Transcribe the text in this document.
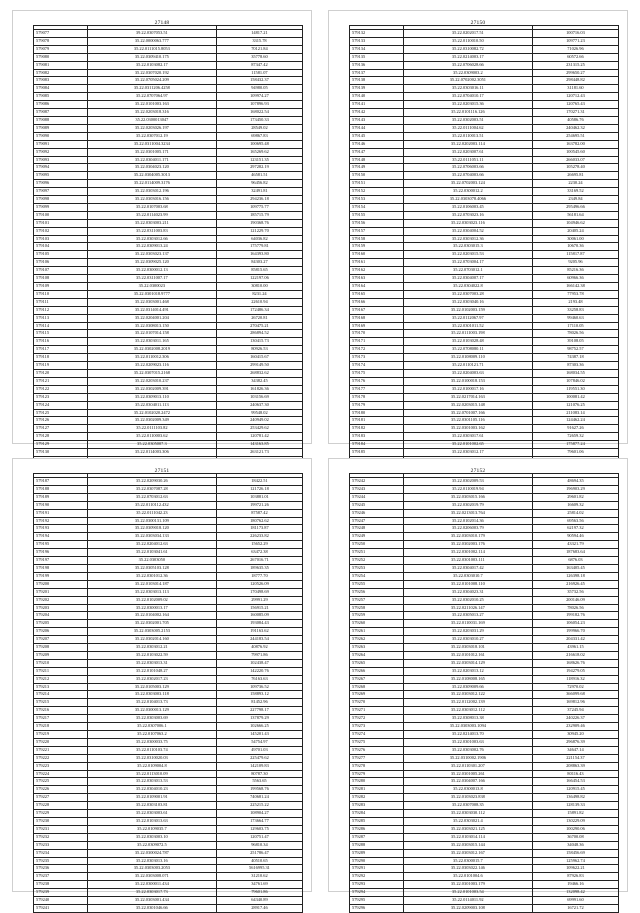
27148

579077	39.22.0307053.51	14817.21
579078	35.22.0000063.777	3315.78
579079	35.22.0111015.8053	70121.84
579080	35.22.0309410.175	35778.60
579081	35.22.0103082.17	87347.42
579082	35.22.0307020.192	11581.07
579083	35.22.0705024.209	158432.37
579084	35.22.0311206.4258	94980.05
579085	35.22.0707064.97	109974.27
579086	35.22.0101003.163	107896.93
579087	35.22.0203018.316	168022.54
579088	35.22.0300013047	173450.33
579089	35.22.0203026.197	28549.02
579090	35.22.0307012.19	69867.83
579091	35.22.0311004.3234	100695.48
579092	35.22.0301005.171	165269.62
579093	35.22.0304011.171	123151.35
579094	35.22.0304023.120	297282.19
579095	35.22.0304005.3013	46581.51
579096	35.22.0114009.3176	96456.82
579097	35.22.0303012.196	32491.81
579098	35.22.0303016.156	294236.18
579099	35.22.0107003.68	109775.77
579100	35.22.0114023.99	185715.79
579101	35.22.0303003.211	190368.76
579102	35.22.0311003.83	121229.70
579103	35.22.0303012.66	64036.82
579104	35.22.0309013.24	175779.81
579105	35.22.0303023.137	164393.80
579106	35.22.0309025.120	84303.27
579107	35.22.0300012.13	85815.65
579108	35.22.0311007.17	122197.06
579109	35.22.0300023	30810.00
579110	35.22.0301018.9777	8231.24
579111	35.22.0303001.468	22610.94
579112	35.22.0314014.491	172486.34
579113	35.22.0204001.204	26720.81
579114	35.22.0308013.150	270475.21
579115	35.22.0107014.158	286894.52
579116	35.22.0303011.165	130415.73
579117	35.22.0302008.2019	80926.53
579118	35.22.0110012.306	160415.67
579119	35.22.0209023.116	299149.50
579120	35.22.0307015.2168	268832.62
579121	35.22.0203010.237	34382.45
579122	35.22.0302009.391	161826.36
579123	35.22.0309013.110	103156.69
579124	35.22.0304011.113	240637.30
579125	35.22.0102020.2472	99548.02
579126	35.22.0302009.349	240949.02
579127	35.22.0111103.82	253429.62
579128	35.22.0110003.62	120781.42
579129	35.22.0305007.3	143163.85
579130	35.22.0114003.306	263121.73

27150

579132	35.22.0202017.51	100716.03
579133	35.22.0110010.50	109771.23
579134	35.22.0310082.72	71026.96
579135	35.22.0214003.17	60572.66
579136	35.22.0706028.66	231315.25
579137	35.22.0309003.2	299650.27
579138	35.22.0702002.3051	298448.82
579139	35.22.0303016.11	31181.60
579140	35.22.0704010.17	120712.43
579141	35.22.0203015.36	120765.43
579142	35.22.0101116.126	170271.31
579143	35.22.0302003.51	40586.76
579144	35.22.0111004.62	240462.32
579145	35.22.0110013.51	254695.51
579146	35.22.0202003.114	163782.00
579147	35.22.0203007.61	100545.60
579148	35.22.0111051.11	266033.07
579149	35.22.0706003.66	105278.40
579150	35.22.0704003.66	26695.81
579151	35.22.0702003.124	2230.24
579152	35.22.0300012.2	33169.52
579153	35.22.0303078.4066	2349.84
579154	35.22.0106003.45	295496.66
579155	35.22.0703023.16	56181.64
579156	35.22.0303023.116	104946.62
579157	35.22.0304004.52	20405.24
579158	35.22.0303012.36	30061.00
579159	35.22.0303015.3	10670.36
579160	35.22.0203015.53	115817.87
579161	35.22.0703004.17	9205.96
579162	35.22.0703012.1	85216.36
579163	35.22.0304007.17	60966.36
579164	35.22.0304022.8	166142.38
579165	35.22.0307003.28	77953.78
579166	35.22.0303040.16	2193.48
579167	35.22.0102003.159	33258.83
579168	35.22.0112067.97	99460.63
579169	35.22.0301011.52	17110.05
579170	35.22.0111003.198	78026.56
579171	35.22.0103028.48	39108.05
579172	35.22.0708080.11	98752.57
579173	35.22.0108009.110	74387.18
579174	35.22.0110121.71	87303.36
579175	35.22.0204003.63	168034.55
579176	35.22.0100018.153	107846.02
579177	35.22.0100017.16	119551.30
579178	35.22.0217014.163	100081.42
579179	35.22.0203015.148	121076.25
579180	35.22.0701007.166	211083.14
579181	35.22.0301105.116	124462.24
579182	35.22.0301003.162	91627.26
579183	35.22.0303017.61	72659.32
579184	35.22.0101002.65	175877.24
579185	35.22.0303012.17	79601.06

27151

579187	35.22.0209030.26	18422.51
579188	35.22.0307087.28	121726.18
579189	35.22.0703012.63	103881.01
579190	35.22.0110112.432	199721.26
579191	35.22.0111042.23	87587.42
579192	35.22.0300131.109	180762.62
579193	35.22.0309018.120	181173.87
579194	35.22.0303034.133	226233.82
579195	35.22.0204012.63	15652.29
579196	35.22.0103041.61	63472.38
579197	35.22.0303050	267016.71
579198	35.22.0305103.128	189635.35
579199	35.22.0301012.36	18777.70
579200	35.22.0103014.187	120526.09
579201	35.22.0303013.113	170498.69
579202	35.22.0102009.02	29991.29
579203	35.22.0300013.17	156915.21
579204	35.22.0104002.164	160085.09
579205	35.22.0302001.705	193084.43
579206	35.22.0303005.2153	191163.62
579207	35.22.0302014.160	244183.54
579208	35.22.0303012.21	40876.92
579209	35.22.0103022.59	79971.86
579210	35.22.0303013.31	102438.47
579211	35.22.0101048.27	142220.76
579212	35.22.0302017.23	76163.63
579213	35.22.0105003.129	109736.52
579214	35.22.0303003.118	158893.12
579215	35.22.0104013.73	81452.96
579216	35.22.0300013.129	227798.17
579217	35.22.0303003.69	137879.29
579218	35.22.0307006.1	102666.25
579219	35.22.0107063.2	145201.43
579220	35.22.0300033.75	54754.97
579221	35.22.0110103.74	49701.03
579222	35.22.0310020.03	225479.62
579223	35.22.0109004.8	142109.83
579224	35.22.0113010.09	80787.30
579225	35.22.0303013.53	5563.65
579226	35.22.0304010.23	199568.76
579227	35.22.0109001.91	740681.24
579228	35.22.0303103.81	225215.22
579229	35.22.0303003.61	108904.27
579230	35.22.0103013.63	173664.77
579231	35.22.0109035.7	129603.75
579232	35.22.0303003.10	120751.47
579233	35.22.0309072.5	96810.34
579234	35.22.0300024.787	251786.47
579235	35.22.0303013.16	40510.65
579236	35.22.0303003.2053	5616995.31
579237	35.22.0303008.071	31210.62
579238	35.22.0300011.434	34761.69
579239	35.22.0303017.73	79601.86
579240	35.22.0303001.434	64340.89
579241	35.22.0301046.66	28917.46
27152

579242	35.22.0302009.53	48694.35
579243	35.22.0110019.94	196903.29
579244	35.22.0303015.166	29601.82
579245	35.22.0302019.79	16609.32
579246	35.22.0213013.764	25814.02
579247	35.22.0102014.36	69563.56
579248	35.22.0206003.79	62197.32
579249	35.22.0303010.179	90594.46
579250	35.22.0302003.176	43321.79
579251	35.22.0301002.114	187683.64
579252	35.22.0301003.111	6876.03
579253	35.22.0304017.42	163405.45
579254	35.22.0303010.7	126398.18
579255	35.22.0101008.110	216926.45
579256	35.22.0304023.31	35732.56
579257	35.22.0302010.25	200146.09
579258	35.22.0211026.147	78026.56
579259	35.22.0305013.27	199182.76
579260	35.22.0110031.169	106054.23
579261	35.22.0203031.29	199966.70
579262	35.22.0303010.27	204331.42
579263	35.22.0303018.101	43961.15
579264	35.22.0101012.161	216618.02
579265	35.22.0303014.129	168626.76
579266	35.22.0203013.12	194279.05
579267	35.22.0108008.165	118916.32
579268	35.22.0309009.66	72970.02
579269	35.22.0303012.122	366099.68
579270	35.22.0112002.139	169812.96
579271	35.22.0303012.112	37245.94
579272	35.22.0308013.38	240226.37
579273	35.22.0303003.1094	232909.46
579274	35.22.0214013.70	30945.20
579275	35.22.0301003.63	296876.39
579276	35.22.0303002.76	34647.14
579277	35.22.0310002.1906	221154.37
579278	35.22.0110301.207	208863.39
579279	35.22.0301005.261	80116.43
579280	35.22.0304007.166	166454.53
579281	35.22.0300013.8	120915.45
579282	35.22.0103023.838	136498.82
579283	35.22.0307008.35	128139.33
579284	35.22.0303030.112	15891.82
579285	35.22.0303021.4	130229.09
579286	35.22.0303021.125	100290.06
579287	35.22.0103014.114	36700.08
579288	35.22.0303015.144	34048.36
579289	35.22.0303012.167	158456.69
579290	35.22.0300015.7	125962.74
579291	35.22.0303022.146	109622.21
579292	35.22.0101004.6	87926.83
579293	35.22.0301003.179	19466.16
579294	35.22.0101003.54	132098.42
579295	35.22.0114011.92	69991.60
579296	35.22.0209003.108	16721.72
